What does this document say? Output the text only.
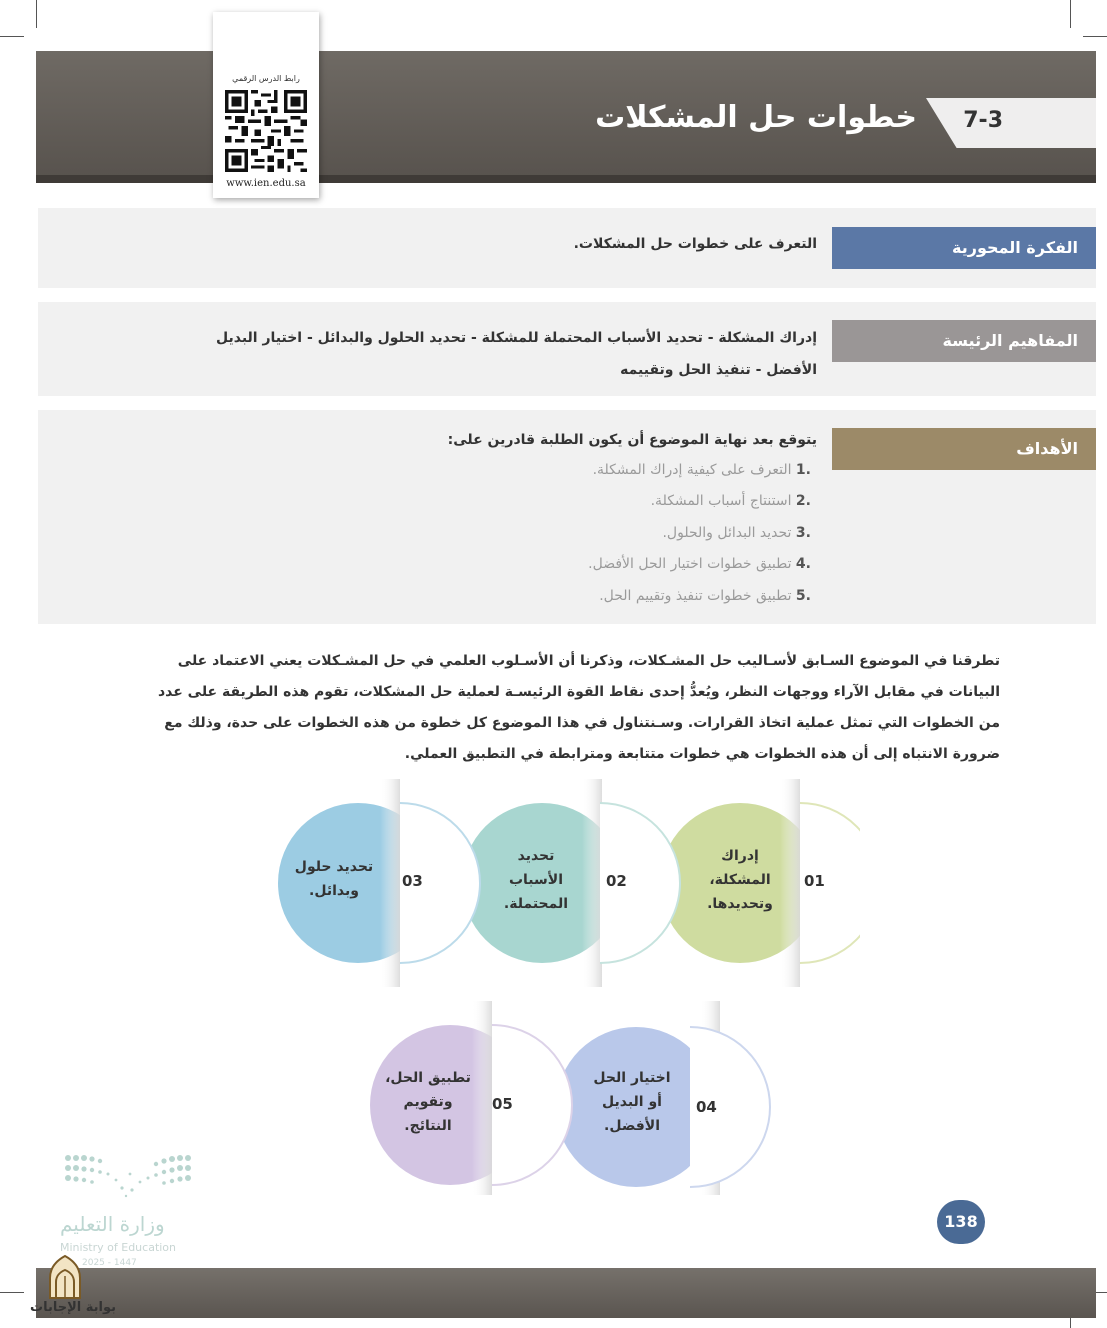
7-3
خطوات حل المشكلات
رابط الدرس الرقمي
www.ien.edu.sa
الفكرة المحورية
التعرف على خطوات حل المشكلات.
المفاهيم الرئيسة
إدراك المشكلة - تحديد الأسباب المحتملة للمشكلة - تحديد الحلول والبدائل - اختيار البديل
الأفضل - تنفيذ الحل وتقييمه
الأهداف
يتوقع بعد نهاية الموضوع أن يكون الطلبة قادرين على:
.1 التعرف على كيفية إدراك المشكلة.
.2 استنتاج أسباب المشكلة.
.3 تحديد البدائل والحلول.
.4 تطبيق خطوات اختيار الحل الأفضل.
.5 تطبيق خطوات تنفيذ وتقييم الحل.
تطرقنا في الموضوع السـابق لأسـاليب حل المشـكلات، وذكرنا أن الأسـلوب العلمي في حل المشـكلات يعني الاعتماد على
البيانات في مقابل الآراء ووجهات النظر، ويُعدُّ إحدى نقاط القوة الرئيسـة لعملية حل المشكلات، تقوم هذه الطريقة على عدد
من الخطوات التي تمثل عملية اتخاذ القرارات. وسـنتناول في هذا الموضوع كل خطوة من هذه الخطوات على حدة، وذلك مع
ضرورة الانتباه إلى أن هذه الخطوات هي خطوات متتابعة ومترابطة في التطبيق العملي.
01
02
03
04
05
إدراك
المشكلة،
وتحديدها.
تحديد
الأسباب
المحتملة.
تحديد حلول
وبدائل.
اختيار الحل
أو البديل
الأفضل.
تطبيق الحل،
وتقويم
النتائج.
وزارة التعليم
Ministry of Education
2025 - 1447
138
بوابة الإجابات
